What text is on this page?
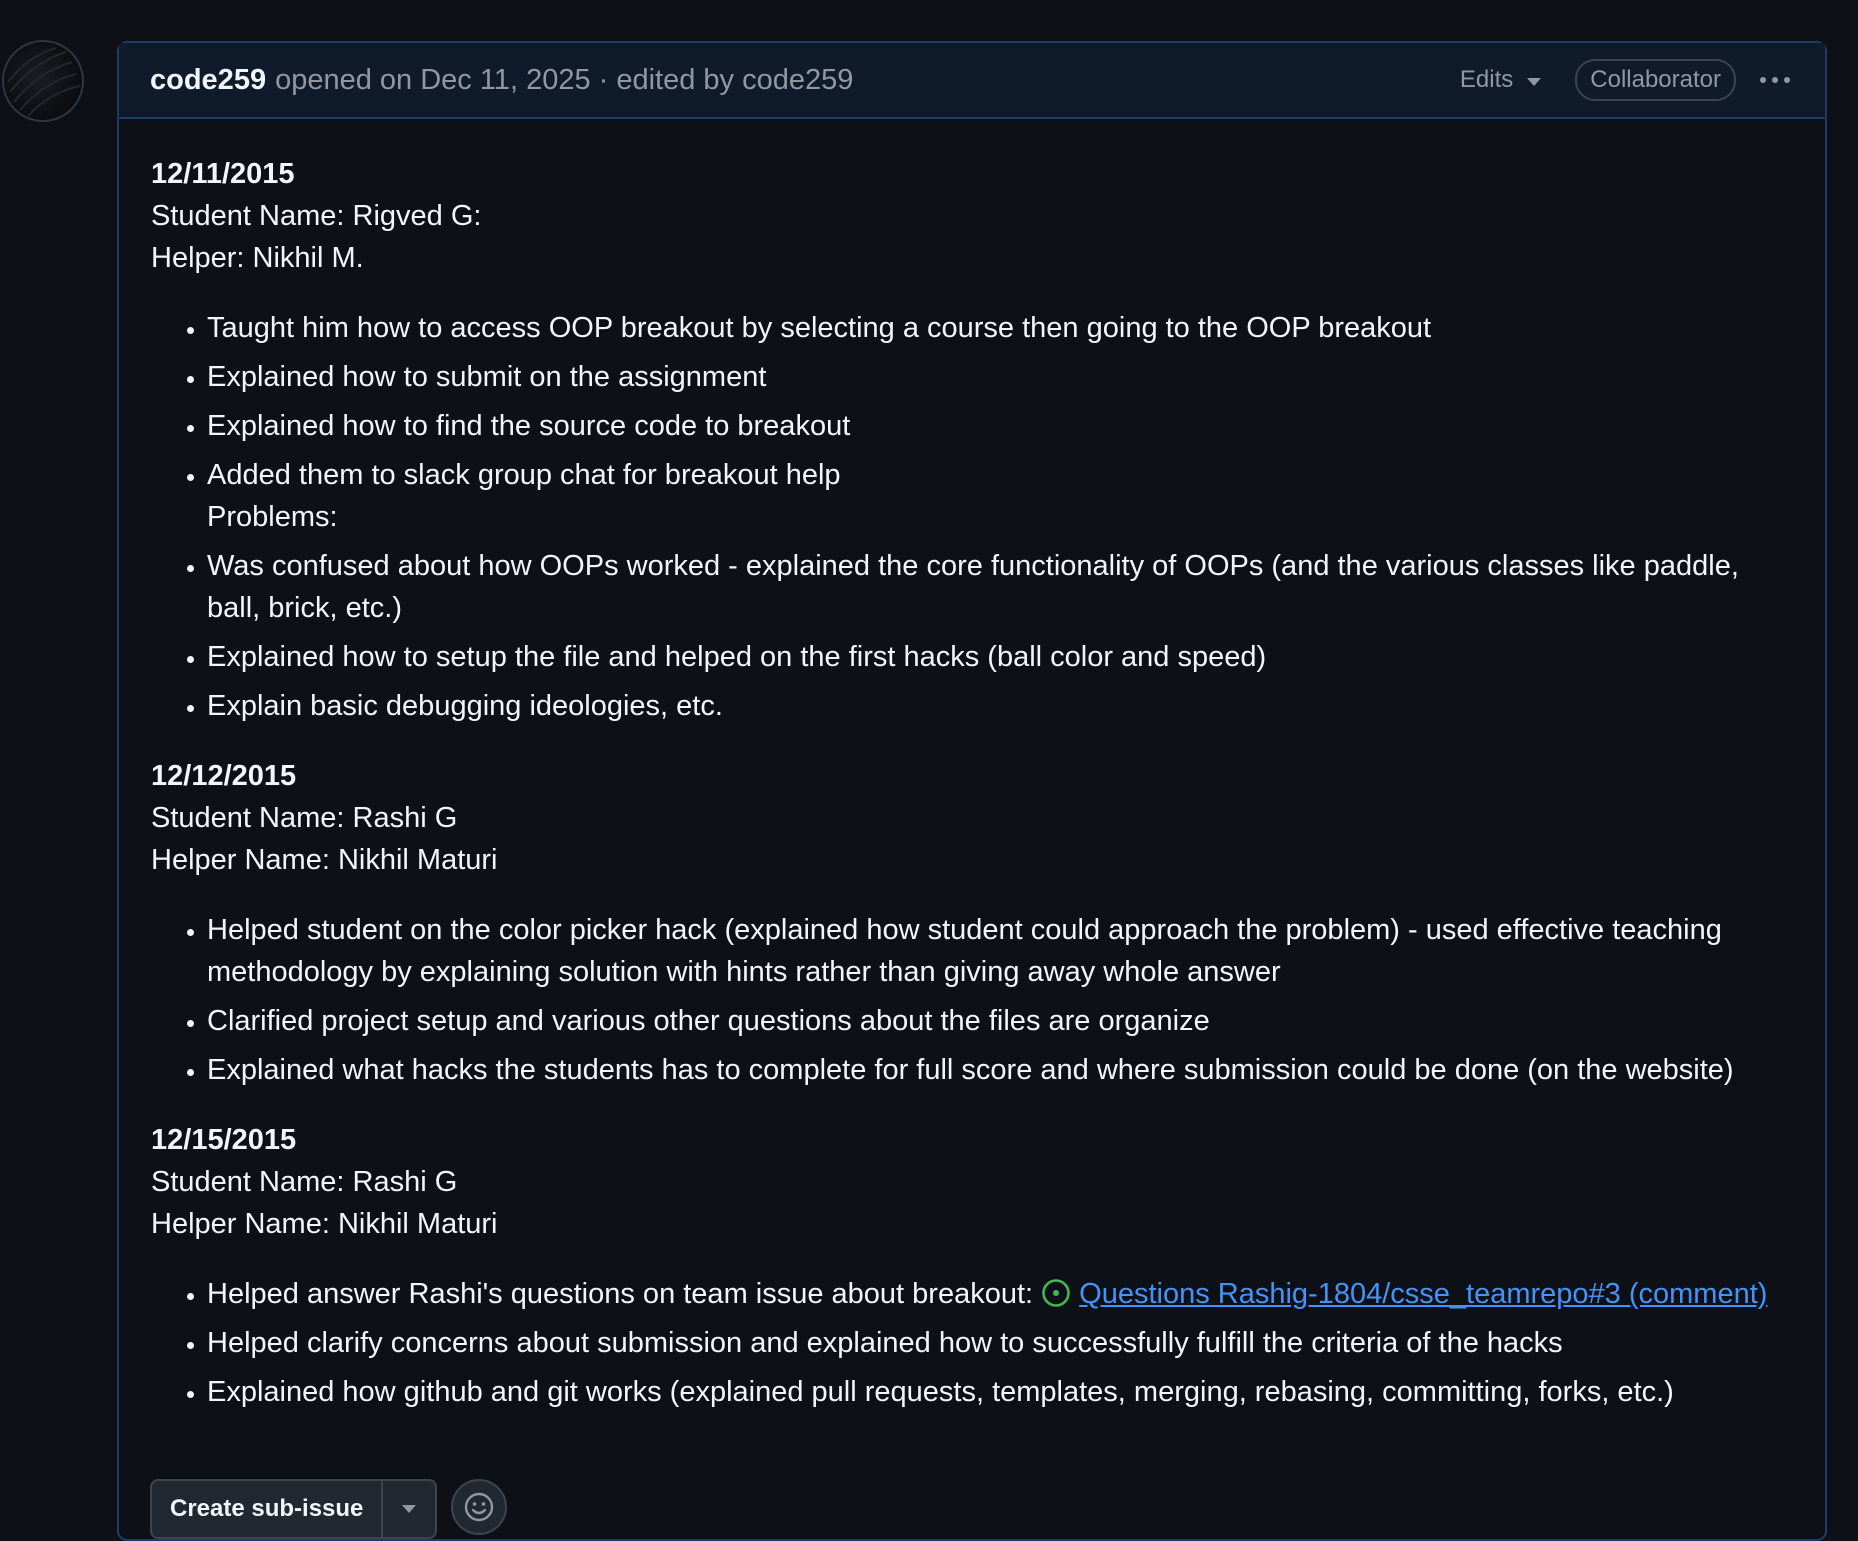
code259 opened on Dec 11, 2025 · edited by code259	Edits	Collaborator

12/11/2015

Student Name: Rigved G:

Helper: Nikhil M.

• Taught him how to access OOP breakout by selecting a course then going to the OOP breakout
• Explained how to submit on the assignment
• Explained how to find the source code to breakout
• Added them to slack group chat for breakout help
Problems:
• Was confused about how OOPs worked - explained the core functionality of OOPs (and the various classes like paddle, ball, brick, etc.)
• Explained how to setup the file and helped on the first hacks (ball color and speed)
• Explain basic debugging ideologies, etc.

12/12/2015

Student Name: Rashi G

Helper Name: Nikhil Maturi

• Helped student on the color picker hack (explained how student could approach the problem) - used effective teaching methodology by explaining solution with hints rather than giving away whole answer
• Clarified project setup and various other questions about the files are organize
• Explained what hacks the students has to complete for full score and where submission could be done (on the website)

12/15/2015

Student Name: Rashi G

Helper Name: Nikhil Maturi

• Helped answer Rashi's questions on team issue about breakout: Questions Rashig-1804/csse_teamrepo#3 (comment)
• Helped clarify concerns about submission and explained how to successfully fulfill the criteria of the hacks
• Explained how github and git works (explained pull requests, templates, merging, rebasing, committing, forks, etc.)
Create sub-issue
